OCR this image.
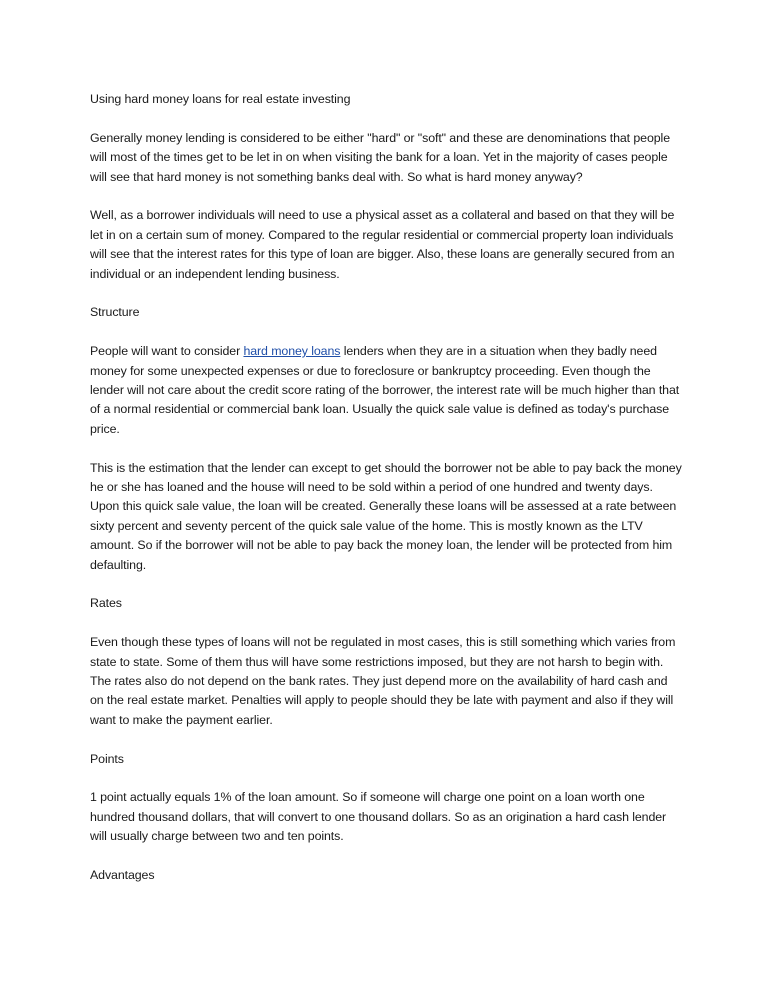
Using hard money loans for real estate investing

Generally money lending is considered to be either "hard" or "soft" and these are denominations that people will most of the times get to be let in on when visiting the bank for a loan. Yet in the majority of cases people will see that hard money is not something banks deal with. So what is hard money anyway?

Well, as a borrower individuals will need to use a physical asset as a collateral and based on that they will be let in on a certain sum of money. Compared to the regular residential or commercial property loan individuals will see that the interest rates for this type of loan are bigger. Also, these loans are generally secured from an individual or an independent lending business.

Structure

People will want to consider hard money loans lenders when they are in a situation when they badly need money for some unexpected expenses or due to foreclosure or bankruptcy proceeding. Even though the lender will not care about the credit score rating of the borrower, the interest rate will be much higher than that of a normal residential or commercial bank loan. Usually the quick sale value is defined as today's purchase price.

This is the estimation that the lender can except to get should the borrower not be able to pay back the money he or she has loaned and the house will need to be sold within a period of one hundred and twenty days. Upon this quick sale value, the loan will be created. Generally these loans will be assessed at a rate between sixty percent and seventy percent of the quick sale value of the home. This is mostly known as the LTV amount. So if the borrower will not be able to pay back the money loan, the lender will be protected from him defaulting.

Rates

Even though these types of loans will not be regulated in most cases, this is still something which varies from state to state. Some of them thus will have some restrictions imposed, but they are not harsh to begin with. The rates also do not depend on the bank rates. They just depend more on the availability of hard cash and on the real estate market. Penalties will apply to people should they be late with payment and also if they will want to make the payment earlier.

Points

1 point actually equals 1% of the loan amount. So if someone will charge one point on a loan worth one hundred thousand dollars, that will convert to one thousand dollars. So as an origination a hard cash lender will usually charge between two and ten points.

Advantages
